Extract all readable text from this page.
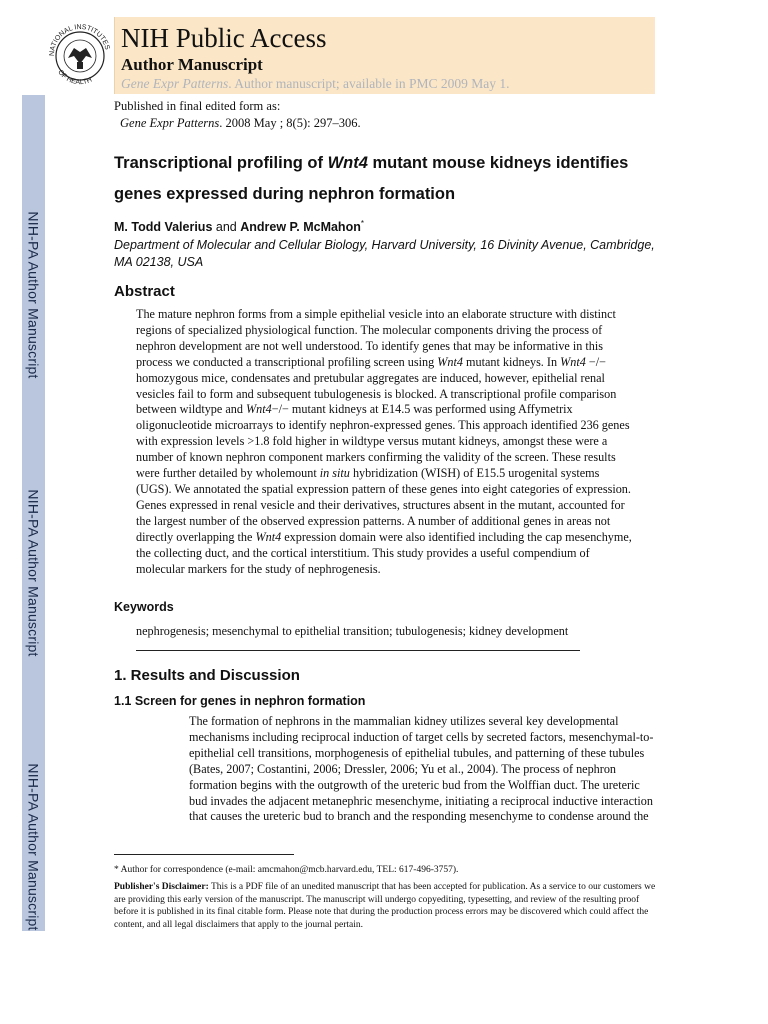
NIH-PA Author Manuscript
NIH-PA Author Manuscript
NIH-PA Author Manuscript
NATIONAL INSTITUTES
OF HEALTH
NIH Public Access
Author Manuscript
Gene Expr Patterns. Author manuscript; available in PMC 2009 May 1.
Published in final edited form as:
Gene Expr Patterns. 2008 May ; 8(5): 297–306.
Transcriptional profiling of Wnt4 mutant mouse kidneys identifies genes expressed during nephron formation
M. Todd Valerius and Andrew P. McMahon*
Department of Molecular and Cellular Biology, Harvard University, 16 Divinity Avenue, Cambridge, MA 02138, USA
Abstract
The mature nephron forms from a simple epithelial vesicle into an elaborate structure with distinct regions of specialized physiological function. The molecular components driving the process of nephron development are not well understood. To identify genes that may be informative in this process we conducted a transcriptional profiling screen using Wnt4 mutant kidneys. In Wnt4 −/− homozygous mice, condensates and pretubular aggregates are induced, however, epithelial renal vesicles fail to form and subsequent tubulogenesis is blocked. A transcriptional profile comparison between wildtype and Wnt4−/− mutant kidneys at E14.5 was performed using Affymetrix oligonucleotide microarrays to identify nephron-expressed genes. This approach identified 236 genes with expression levels >1.8 fold higher in wildtype versus mutant kidneys, amongst these were a number of known nephron component markers confirming the validity of the screen. These results were further detailed by wholemount in situ hybridization (WISH) of E15.5 urogenital systems (UGS). We annotated the spatial expression pattern of these genes into eight categories of expression. Genes expressed in renal vesicle and their derivatives, structures absent in the mutant, accounted for the largest number of the observed expression patterns. A number of additional genes in areas not directly overlapping the Wnt4 expression domain were also identified including the cap mesenchyme, the collecting duct, and the cortical interstitium. This study provides a useful compendium of molecular markers for the study of nephrogenesis.
Keywords
nephrogenesis; mesenchymal to epithelial transition; tubulogenesis; kidney development
1. Results and Discussion
1.1 Screen for genes in nephron formation
The formation of nephrons in the mammalian kidney utilizes several key developmental mechanisms including reciprocal induction of target cells by secreted factors, mesenchymal-to-epithelial cell transitions, morphogenesis of epithelial tubules, and patterning of these tubules (Bates, 2007; Costantini, 2006; Dressler, 2006; Yu et al., 2004). The process of nephron formation begins with the outgrowth of the ureteric bud from the Wolffian duct. The ureteric bud invades the adjacent metanephric mesenchyme, initiating a reciprocal inductive interaction that causes the ureteric bud to branch and the responding mesenchyme to condense around the
* Author for correspondence (e-mail: amcmahon@mcb.harvard.edu, TEL: 617-496-3757).
Publisher's Disclaimer: This is a PDF file of an unedited manuscript that has been accepted for publication. As a service to our customers we are providing this early version of the manuscript. The manuscript will undergo copyediting, typesetting, and review of the resulting proof before it is published in its final citable form. Please note that during the production process errors may be discovered which could affect the content, and all legal disclaimers that apply to the journal pertain.
